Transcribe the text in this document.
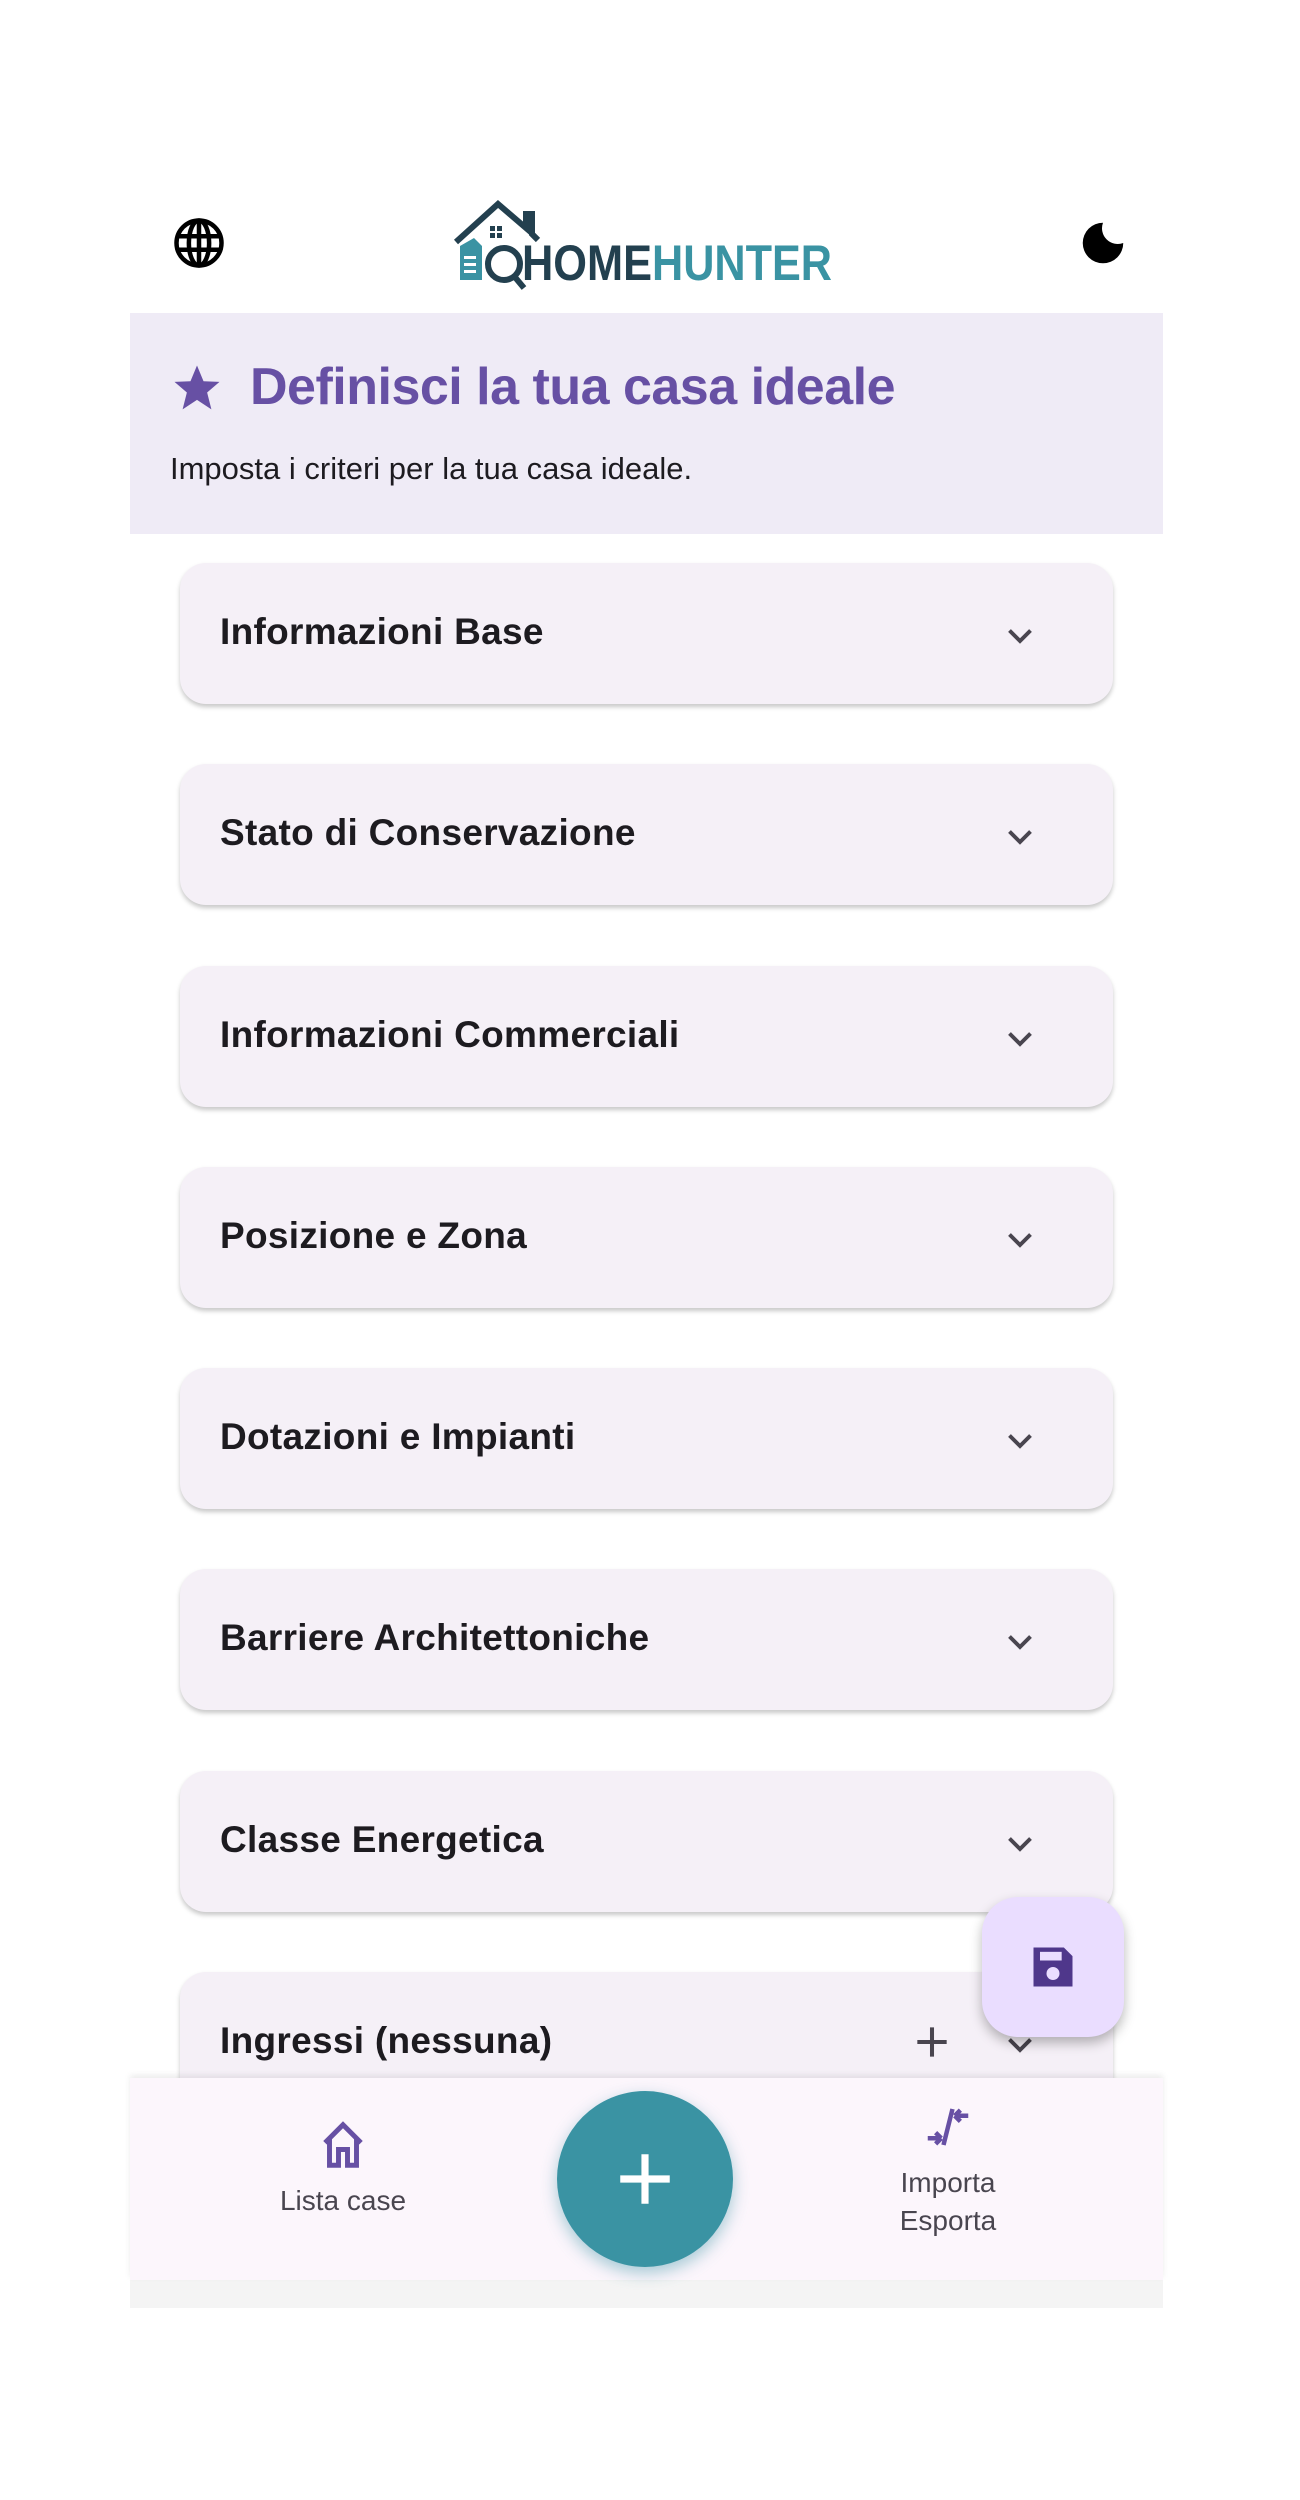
HOME HUNTER
Definisci la tua casa ideale
Imposta i criteri per la tua casa ideale.
Informazioni Base
Stato di Conservazione
Informazioni Commerciali
Posizione e Zona
Dotazioni e Impianti
Barriere Architettoniche
Classe Energetica
Ingressi (nessuna)
Lista case
Importa
Esporta
